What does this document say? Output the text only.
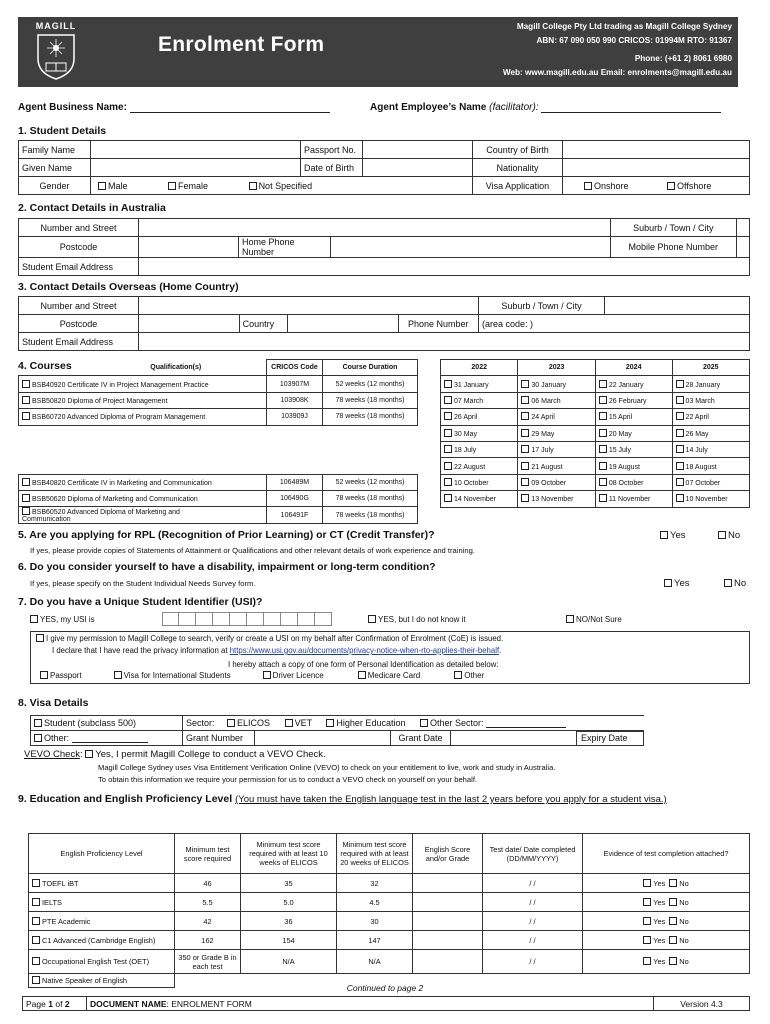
MAGILL
Enrolment Form
Magill College Pty Ltd trading as Magill College Sydney
ABN: 67 090 050 990 CRICOS: 01994M RTO: 91367
Phone: (+61 2) 8061 6980
Web: www.magill.edu.au Email: enrolments@magill.edu.au
Agent Business Name:	Agent Employee’s Name (facilitator):
1. Student Details
Family Name		Passport No.		Country of Birth	
Given Name		Date of Birth		Nationality	
Gender	Male Female Not Specified			Visa Application	Onshore Offshore
2. Contact Details in Australia
Number and Street				Suburb / Town / City	
Postcode		Home Phone Number		Mobile Phone Number	
Student Email Address					
3. Contact Details Overseas (Home Country)
Number and Street					Suburb / Town / City	
Postcode		Country		Phone Number	(area code: )	
Student Email Address						
4. Courses	Qualification(s)	CRICOS Code	Course Duration
BSB40920 Certificate IV in Project Management Practice	103907M	52 weeks (12 months)
BSB50820 Diploma of Project Management	103908K	78 weeks (18 months)
BSB60720 Advanced Diploma of Program Management	103909J	78 weeks (18 months)

BSB40820 Certificate IV in Marketing and Communication	106489M	52 weeks (12 months)
BSB50620 Diploma of Marketing and Communication	106490G	78 weeks (18 months)
BSB60520 Advanced Diploma of Marketing and
Communication	106491F	78 weeks (18 months)
2022	2023	2024	2025
31 January	30 January	22 January	28 January
07 March	06 March	26 February	03 March
26 April	24 April	15 April	22 April
30 May	29 May	20 May	26 May
18 July	17 July	15 July	14 July
22 August	21 August	19 August	18 August
10 October	09 October	08 October	07 October
14 November	13 November	11 November	10 November
5. Are you applying for RPL (Recognition of Prior Learning) or CT (Credit Transfer)?
If yes, please provide copies of Statements of Attainment or Qualifications and other relevant details of work experience and training.
Yes	No
6. Do you consider yourself to have a disability, impairment or long-term condition?
If yes, please specify on the Student Individual Needs Survey form.	Yes	No
7. Do you have a Unique Student Identifier (USI)?
YES, my USI is	YES, but I do not know it	NO/Not Sure
I give my permission to Magill College to search, verify or create a USI on my behalf after Confirmation of Enrolment (CoE) is issued.
I declare that I have read the privacy information at https://www.usi.gov.au/documents/privacy-notice-when-rto-applies-their-behalf.
I hereby attach a copy of one form of Personal Identification as detailed below:
Passport	Visa for International Students	Driver Licence	Medicare Card	Other
8. Visa Details
Student (subclass 500)	Sector: ELICOS VET Higher Education Other Sector:			
Other:	Grant Number		Grant Date		Expiry Date
VEVO Check: Yes, I permit Magill College to conduct a VEVO Check.
Magill College Sydney uses Visa Entitlement Verification Online (VEVO) to check on your entitlement to live, work and study in Australia.
To obtain this information we require your permission for us to conduct a VEVO check on yourself on your behalf.
9. Education and English Proficiency Level (You must have taken the English language test in the last 2 years before you apply for a student visa.)
English Proficiency Level	Minimum test score required	Minimum test score required with at least 10 weeks of ELICOS	Minimum test score required with at least 20 weeks of ELICOS	English Score and/or Grade	Test date/ Date completed (DD/MM/YYYY)	Evidence of test completion attached?
TOEFL iBT	46	35	32		/ /	Yes No
IELTS	5.5	5.0	4.5		/ /	Yes No
PTE Academic	42	36	30		/ /	Yes No
C1 Advanced (Cambridge English)	162	154	147		/ /	Yes No
Occupational English Test (OET)	350 or Grade B in each test	N/A	N/A		/ /	Yes No
Native Speaker of English						
Continued to page 2
Page 1 of 2	DOCUMENT NAME: ENROLMENT FORM	Version 4.3
